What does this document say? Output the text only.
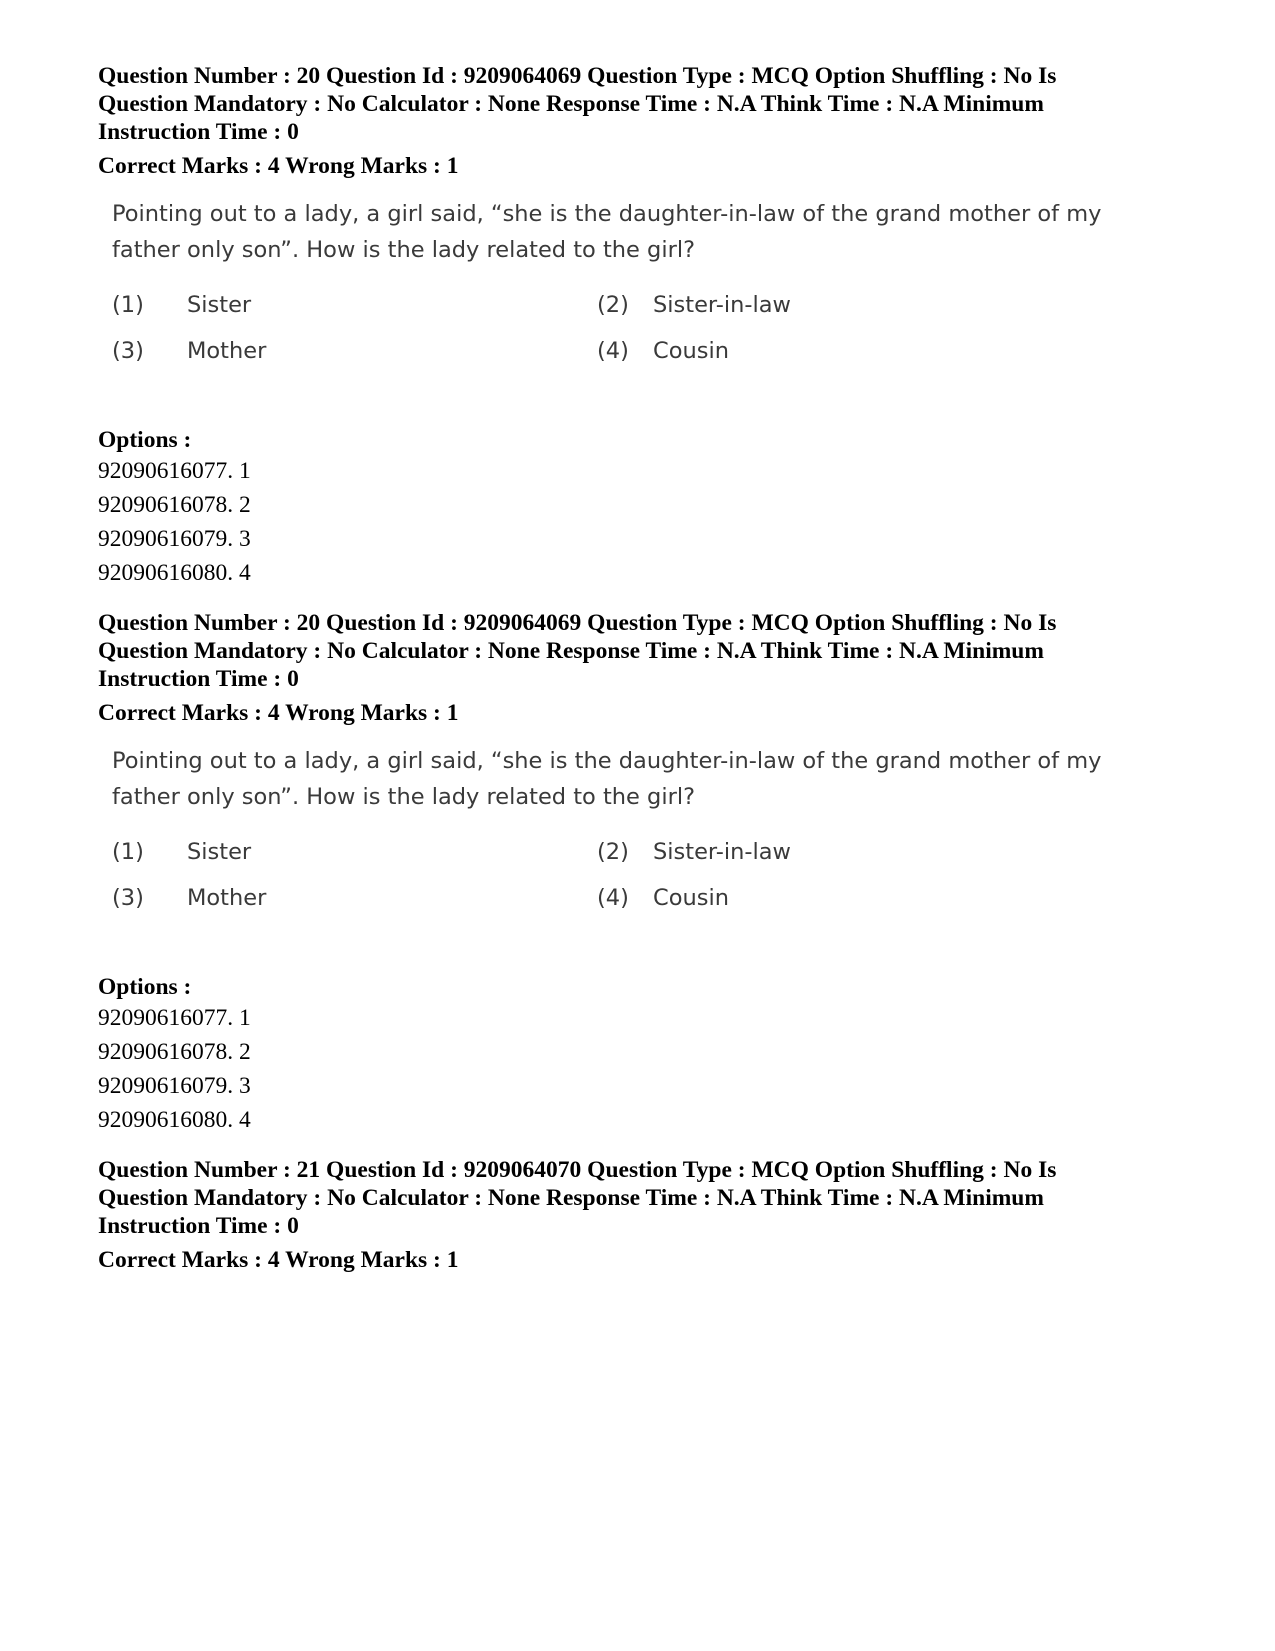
Question Number : 20 Question Id : 9209064069 Question Type : MCQ Option Shuffling : No Is

Question Mandatory : No Calculator : None Response Time : N.A Think Time : N.A Minimum

Instruction Time : 0

Correct Marks : 4 Wrong Marks : 1

Pointing out to a lady, a girl said, “she is the daughter-in-law of the grand mother of my

father only son”. How is the lady related to the girl?

(1) Sister	(2) Sister-in-law
(3) Mother	(4) Cousin

Options :

92090616077. 1

92090616078. 2

92090616079. 3

92090616080. 4

Question Number : 20 Question Id : 9209064069 Question Type : MCQ Option Shuffling : No Is

Question Mandatory : No Calculator : None Response Time : N.A Think Time : N.A Minimum

Instruction Time : 0

Correct Marks : 4 Wrong Marks : 1

Pointing out to a lady, a girl said, “she is the daughter-in-law of the grand mother of my

father only son”. How is the lady related to the girl?

(1) Sister	(2) Sister-in-law
(3) Mother	(4) Cousin

Options :

92090616077. 1

92090616078. 2

92090616079. 3

92090616080. 4

Question Number : 21 Question Id : 9209064070 Question Type : MCQ Option Shuffling : No Is

Question Mandatory : No Calculator : None Response Time : N.A Think Time : N.A Minimum

Instruction Time : 0

Correct Marks : 4 Wrong Marks : 1
